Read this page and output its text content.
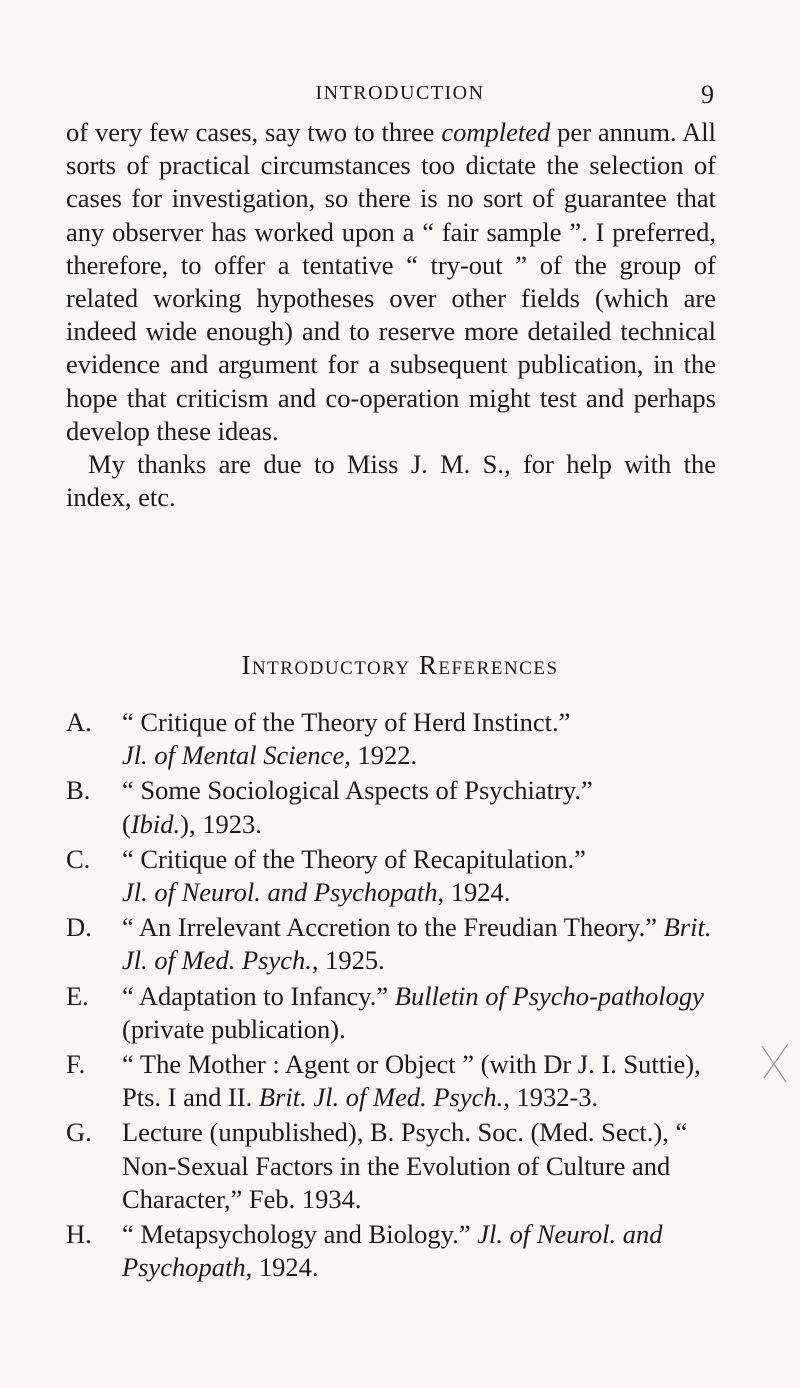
INTRODUCTION	9

of very few cases, say two to three completed per annum. All sorts of practical circumstances too dictate the selection of cases for investigation, so there is no sort of guarantee that any observer has worked upon a “ fair sample ”. I preferred, therefore, to offer a tentative “ try-out ” of the group of related working hypotheses over other fields (which are indeed wide enough) and to reserve more detailed technical evidence and argument for a subsequent publication, in the hope that criticism and co-operation might test and perhaps develop these ideas.

My thanks are due to Miss J. M. S., for help with the index, etc.

Introductory References
A. “ Critique of the Theory of Herd Instinct.”
Jl. of Mental Science, 1922.
B. “ Some Sociological Aspects of Psychiatry.”
(Ibid.), 1923.
C. “ Critique of the Theory of Recapitulation.”
Jl. of Neurol. and Psychopath, 1924.
D. “ An Irrelevant Accretion to the Freudian Theory.” Brit. Jl. of Med. Psych., 1925.
E. “ Adaptation to Infancy.” Bulletin of Psycho-pathology (private publication).
F. “ The Mother : Agent or Object ” (with Dr J. I. Suttie), Pts. I and II. Brit. Jl. of Med. Psych., 1932-3.
G. Lecture (unpublished), B. Psych. Soc. (Med. Sect.), “ Non-Sexual Factors in the Evolution of Culture and Character,” Feb. 1934.
H. “ Metapsychology and Biology.” Jl. of Neurol. and Psychopath, 1924.
